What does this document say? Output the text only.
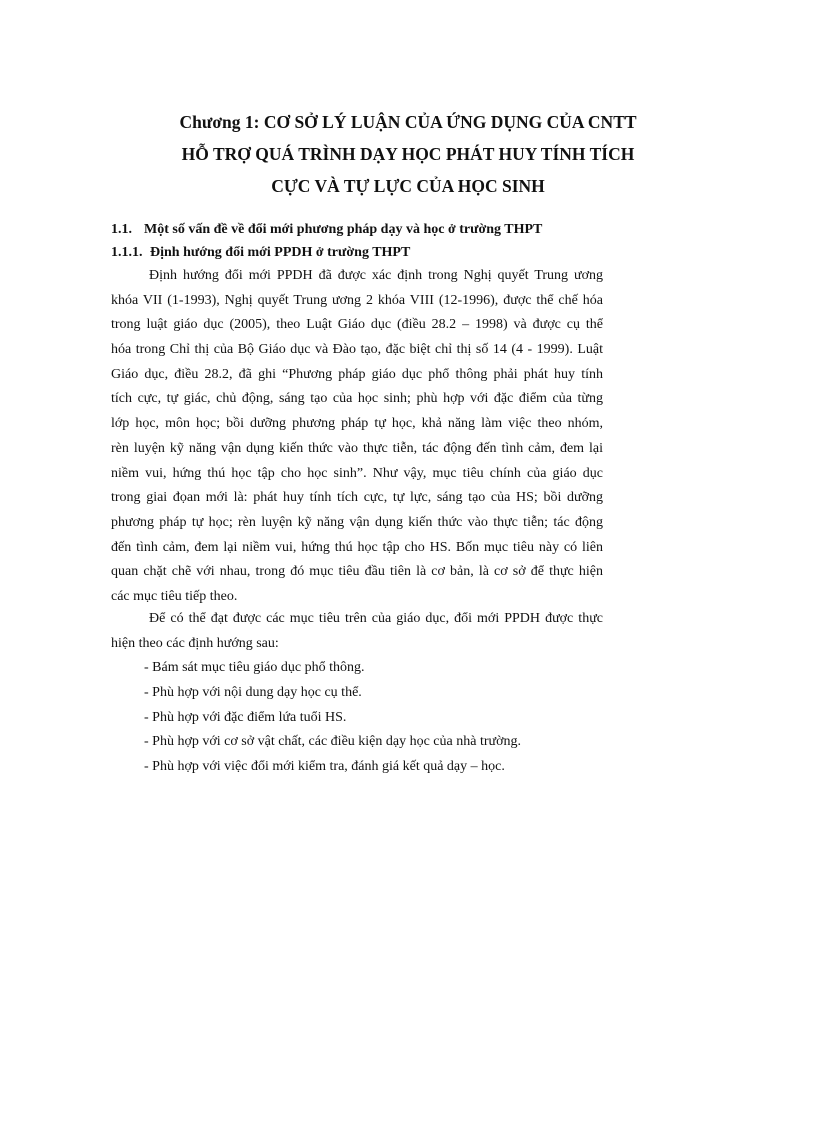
Chương 1: CƠ SỞ LÝ LUẬN CỦA ỨNG DỤNG CỦA CNTT
HỖ TRỢ QUÁ TRÌNH DẠY HỌC PHÁT HUY TÍNH TÍCH
CỰC VÀ TỰ LỰC CỦA HỌC SINH
1.1. Một số vấn đề về đổi mới phương pháp dạy và học ở trường THPT
1.1.1. Định hướng đổi mới PPDH ở trường THPT
Định hướng đổi mới PPDH đã được xác định trong Nghị quyết Trung ương
khóa VII (1-1993), Nghị quyết Trung ương 2 khóa VIII (12-1996), được thể chế hóa
trong luật giáo dục (2005), theo Luật Giáo dục (điều 28.2 – 1998) và được cụ thể
hóa trong Chỉ thị của Bộ Giáo dục và Đào tạo, đặc biệt chỉ thị số 14 (4 - 1999). Luật
Giáo dục, điều 28.2, đã ghi “Phương pháp giáo dục phổ thông phải phát huy tính
tích cực, tự giác, chủ động, sáng tạo của học sinh; phù hợp với đặc điểm của từng
lớp học, môn học; bồi dưỡng phương pháp tự học, khả năng làm việc theo nhóm,
rèn luyện kỹ năng vận dụng kiến thức vào thực tiễn, tác động đến tình cảm, đem lại
niềm vui, hứng thú học tập cho học sinh”. Như vậy, mục tiêu chính của giáo dục
trong giai đọan mới là: phát huy tính tích cực, tự lực, sáng tạo của HS; bồi dưỡng
phương pháp tự học; rèn luyện kỹ năng vận dụng kiến thức vào thực tiễn; tác động
đến tình cảm, đem lại niềm vui, hứng thú học tập cho HS. Bốn mục tiêu này có liên
quan chặt chẽ với nhau, trong đó mục tiêu đầu tiên là cơ bản, là cơ sở để thực hiện
các mục tiêu tiếp theo.
Để có thể đạt được các mục tiêu trên của giáo dục, đổi mới PPDH được thực
hiện theo các định hướng sau:
- Bám sát mục tiêu giáo dục phổ thông.
- Phù hợp với nội dung dạy học cụ thể.
- Phù hợp với đặc điểm lứa tuổi HS.
- Phù hợp với cơ sở vật chất, các điều kiện dạy học của nhà trường.
- Phù hợp với việc đổi mới kiểm tra, đánh giá kết quả dạy – học.
